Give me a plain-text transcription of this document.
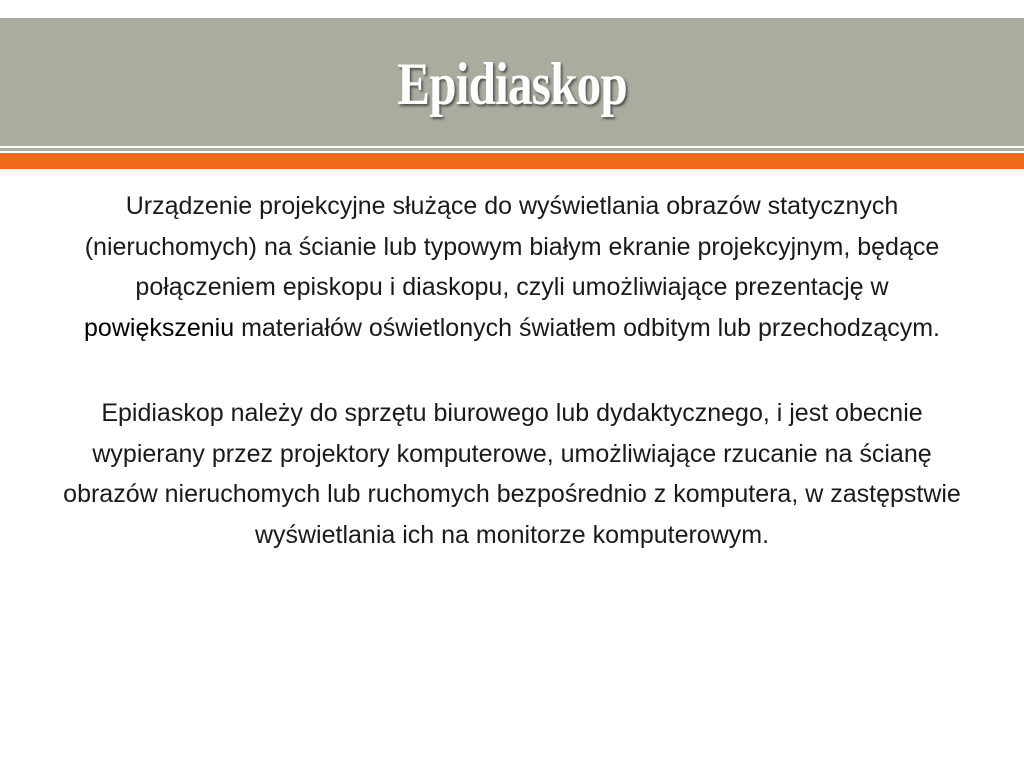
Epidiaskop

Urządzenie projekcyjne służące do wyświetlania obrazów statycznych (nieruchomych) na ścianie lub typowym białym ekranie projekcyjnym, będące połączeniem episkopu i diaskopu, czyli umożliwiające prezentację w powiększeniu materiałów oświetlonych światłem odbitym lub przechodzącym.

Epidiaskop należy do sprzętu biurowego lub dydaktycznego, i jest obecnie wypierany przez projektory komputerowe, umożliwiające rzucanie na ścianę obrazów nieruchomych lub ruchomych bezpośrednio z komputera, w zastępstwie wyświetlania ich na monitorze komputerowym.
